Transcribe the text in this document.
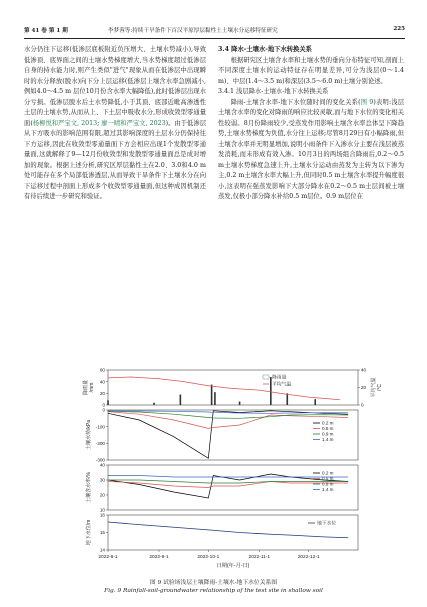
第 41 卷 第 1 期	李梦蓉等:持续干旱条件下百汉平原厚层黏性土土壤水分运移特征研究	225

水分仍往下运移(低渗层底板附近负压增大、土壤水势减小),导致低渗顶、底界面之间的土壤水势梯度增大,当水势梯度超过低渗层自身的持水能力时,则产生类似"进气"现象从而在低渗层中出现瞬时的水分释放(脱水)向下分上层运移(低渗层上壤含水率急剧减小,例如4.0～4.5 m 层位10月份含水率大幅降低),此时低渗层出现水分亏损。低渗层脱水后土水势降低,小于其顶、底部近毗高渗透性土层的土壤水势,从而从上、下土层中吸收水分,形成收敛型零通量面(杨柳悦和严宝文, 2013; 廖一晴和严宝文, 2023)。由于低渗层从下方吸水的影响范围有限,超过其影响深度的土层水分仍保持往下方运移,因此在收敛型零通量面下方会相应出现1个发散型零通量面,这就解释了9—12月份收敛型和发散型零通量面总是成对增加的现象。根据上述分析,研究区厚层黏性土在2.0、3.0和4.0 m处可能存在多个局部低渗透层,从而导致干旱条件下土壤水分在向下运移过程中剖面上形成多个收敛型零通量面,但这种成因机制还有待后续进一步研究和验证。

3.4 降水-土壤水-地下水转换关系

根据研究区土壤含水率和土壤水势的垂向分布特征可知,剖面上不同深度土壤水的运动特征存在明显差异,可分为浅层(0～1.4 m)、中层(1.4～3.5 m)和深层(3.5～6.0 m)土壤分别论述。

3.4.1 浅层降水-土壤水-地下水转换关系

降雨-土壤含水率-地下水位随时间的变化关系(图 9)表明:浅层土壤含水率的变化对降雨的响应比较灵敏,而与地下水位的变化相关性较弱。8月份降雨较少,受蒸发作用影响土壤含水率总体呈下降趋势,土壤水势梯度为负值,水分往上运移;尽管8月29日有小幅降雨,但土壤含水率并无明显增加,说明小雨条件下入渗水分主要在浅层被蒸发消耗,而未形成有效入渗。10月3日的两场组合降雨后,0.2～0.5 m土壤水势梯度急速上升,土壤水分运动由蒸发为主转为以下渗为主,0.2 m土壤含水率大幅上升,但同时0.5 m土壤含水率提升幅度很小,这表明在强蒸发影响下大部分降水在0.2～0.5 m土层间被土壤蒸发,仅极小部分降水补给0.5 m层位。0.9 m层位在

0
20
40
60
0
20
40
降雨量 /mm	平均气温 /°C
降雨量
平均气温
0
-100
-200
-300
0.2 m
0.5 m
0.9 m
1.4 m
土壤水势/kPa
10
20
30
40
0.2 m
0.5 m
0.9 m
1.4 m
土壤含水率/%
14
15
16
地下水位
地下水位/m
2022-8-1	2022-9-1	2022-10-1	2022-11-1	2022-12-1
日期(年-月-日)
图 9 试验场浅层土壤降雨-土壤水-地下水位关系图
Fig. 9 Rainfall-soil-groundwater relationship of the test site in shallow soil
